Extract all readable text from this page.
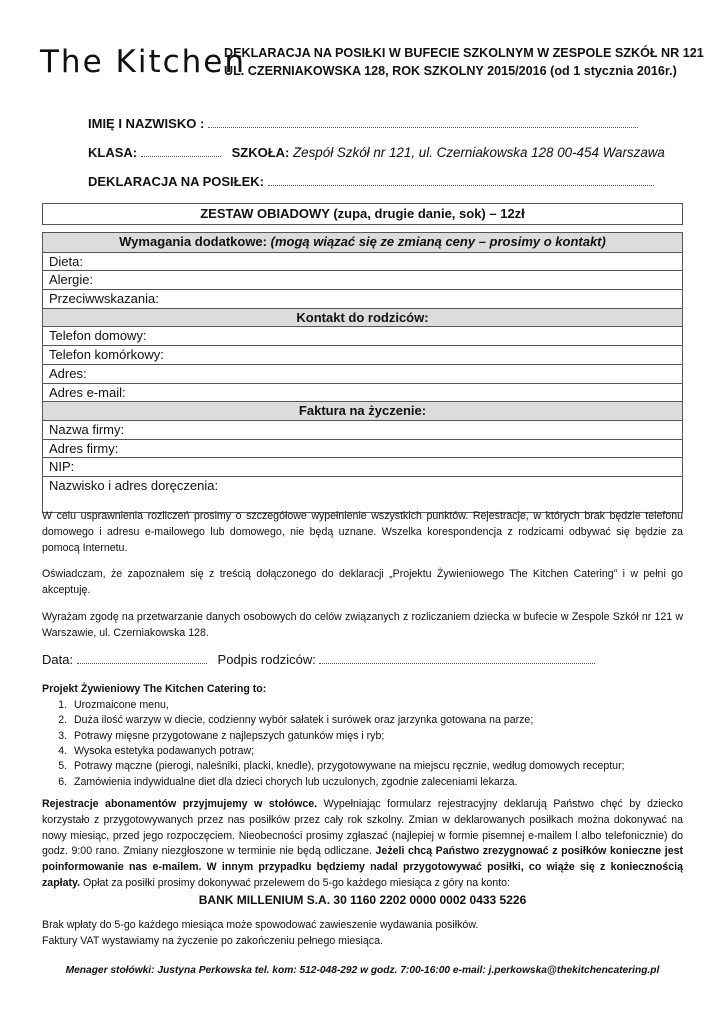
The Kitchen
DEKLARACJA NA POSIŁKI W BUFECIE SZKOLNYM W ZESPOLE SZKÓŁ NR 121
UL. CZERNIAKOWSKA 128, ROK SZKOLNY 2015/2016 (od 1 stycznia 2016r.)
IMIĘ I NAZWISKO :
KLASA:	SZKOŁA: Zespół Szkół nr 121, ul. Czerniakowska 128 00-454 Warszawa
DEKLARACJA NA POSIŁEK:
ZESTAW OBIADOWY (zupa, drugie danie, sok) – 12zł
Wymagania dodatkowe: (mogą wiązać się ze zmianą ceny – prosimy o kontakt)
Dieta:
Alergie:
Przeciwwskazania:
Kontakt do rodziców:
Telefon domowy:
Telefon komórkowy:
Adres:
Adres e-mail:
Faktura na życzenie:
Nazwa firmy:
Adres firmy:
NIP:
Nazwisko i adres doręczenia:
W celu usprawnienia rozliczeń prosimy o szczegółowe wypełnienie wszystkich punktów. Rejestracje, w których brak będzie telefonu domowego i adresu e-mailowego lub domowego, nie będą uznane. Wszelka korespondencja z rodzicami odbywać się będzie za pomocą Internetu.
Oświadczam, że zapoznałem się z treścią dołączonego do deklaracji „Projektu Żywieniowego The Kitchen Catering” i w pełni go akceptuję.
Wyrażam zgodę na przetwarzanie danych osobowych do celów związanych z rozliczaniem dziecka w bufecie w Zespole Szkół nr 121 w Warszawie, ul. Czerniakowska 128.
Data:	Podpis rodziców:
Projekt Żywieniowy The Kitchen Catering to:
1. Urozmaicone menu,
2. Duża ilość warzyw w diecie, codzienny wybór sałatek i surówek oraz jarzynka gotowana na parze;
3. Potrawy mięsne przygotowane z najlepszych gatunków mięs i ryb;
4. Wysoka estetyka podawanych potraw;
5. Potrawy mączne (pierogi, naleśniki, placki, knedle), przygotowywane na miejscu ręcznie, według domowych receptur;
6. Zamówienia indywidualne diet dla dzieci chorych lub uczulonych, zgodnie zaleceniami lekarza.
Rejestracje abonamentów przyjmujemy w stołówce. Wypełniając formularz rejestracyjny deklarują Państwo chęć by dziecko korzystało z przygotowywanych przez nas posiłków przez cały rok szkolny. Zmian w deklarowanych posiłkach można dokonywać na nowy miesiąc, przed jego rozpoczęciem. Nieobecności prosimy zgłaszać (najlepiej w formie pisemnej e-mailem l albo telefonicznie) do godz. 9:00 rano. Zmiany niezgłoszone w terminie nie będą odliczane. Jeżeli chcą Państwo zrezygnować z posiłków konieczne jest poinformowanie nas e-mailem. W innym przypadku będziemy nadal przygotowywać posiłki, co wiąże się z koniecznością zapłaty. Opłat za posiłki prosimy dokonywać przelewem do 5-go każdego miesiąca z góry na konto:
BANK MILLENIUM S.A. 30 1160 2202 0000 0002 0433 5226
Brak wpłaty do 5-go każdego miesiąca może spowodować zawieszenie wydawania posiłków.
Faktury VAT wystawiamy na życzenie po zakończeniu pełnego miesiąca.
Menager stołówki: Justyna Perkowska tel. kom: 512-048-292 w godz. 7:00-16:00 e-mail: j.perkowska@thekitchencatering.pl
